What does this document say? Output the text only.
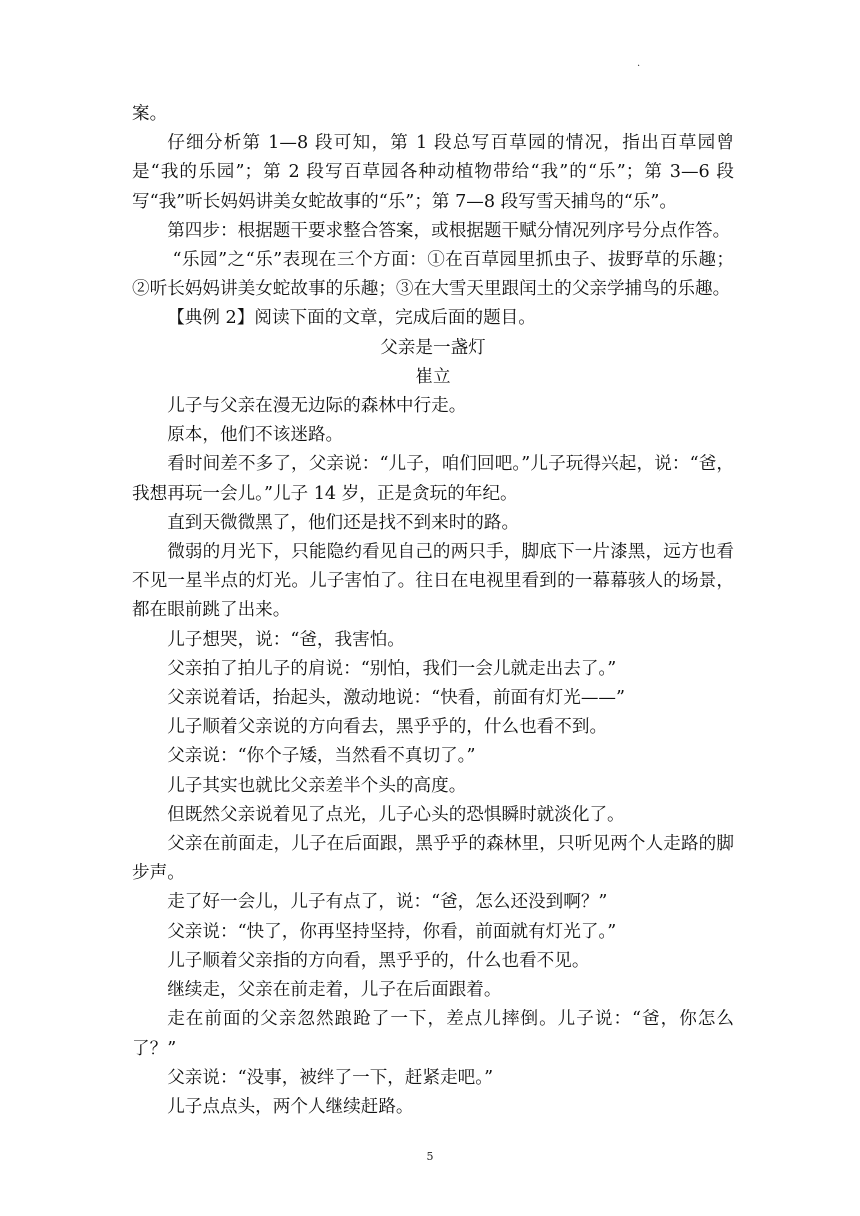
.

案。

仔细分析第 1—8 段可知，第 1 段总写百草园的情况，指出百草园曾是“我的乐园”；第 2 段写百草园各种动植物带给“我”的“乐”；第 3—6 段写“我”听长妈妈讲美女蛇故事的“乐”；第 7—8 段写雪天捕鸟的“乐”。

第四步：根据题干要求整合答案，或根据题干赋分情况列序号分点作答。

“乐园”之“乐”表现在三个方面：①在百草园里抓虫子、拔野草的乐趣；②听长妈妈讲美女蛇故事的乐趣；③在大雪天里跟闰土的父亲学捕鸟的乐趣。

【典例 2】阅读下面的文章，完成后面的题目。

父亲是一盏灯

崔立

儿子与父亲在漫无边际的森林中行走。

原本，他们不该迷路。

看时间差不多了，父亲说：“儿子，咱们回吧。”儿子玩得兴起，说：“爸，我想再玩一会儿。”儿子 14 岁，正是贪玩的年纪。

直到天微微黑了，他们还是找不到来时的路。

微弱的月光下，只能隐约看见自己的两只手，脚底下一片漆黑，远方也看不见一星半点的灯光。儿子害怕了。往日在电视里看到的一幕幕骇人的场景，都在眼前跳了出来。

儿子想哭，说：“爸，我害怕。

父亲拍了拍儿子的肩说：“别怕，我们一会儿就走出去了。”

父亲说着话，抬起头，激动地说：“快看，前面有灯光——”

儿子顺着父亲说的方向看去，黑乎乎的，什么也看不到。

父亲说：“你个子矮，当然看不真切了。”

儿子其实也就比父亲差半个头的高度。

但既然父亲说着见了点光，儿子心头的恐惧瞬时就淡化了。

父亲在前面走，儿子在后面跟，黑乎乎的森林里，只听见两个人走路的脚步声。

走了好一会儿，儿子有点了，说：“爸，怎么还没到啊？”

父亲说：“快了，你再坚持坚持，你看，前面就有灯光了。”

儿子顺着父亲指的方向看，黑乎乎的，什么也看不见。

继续走，父亲在前走着，儿子在后面跟着。

走在前面的父亲忽然踉跄了一下，差点儿摔倒。儿子说：“爸，你怎么了？”

父亲说：“没事，被绊了一下，赶紧走吧。”

儿子点点头，两个人继续赶路。

5
